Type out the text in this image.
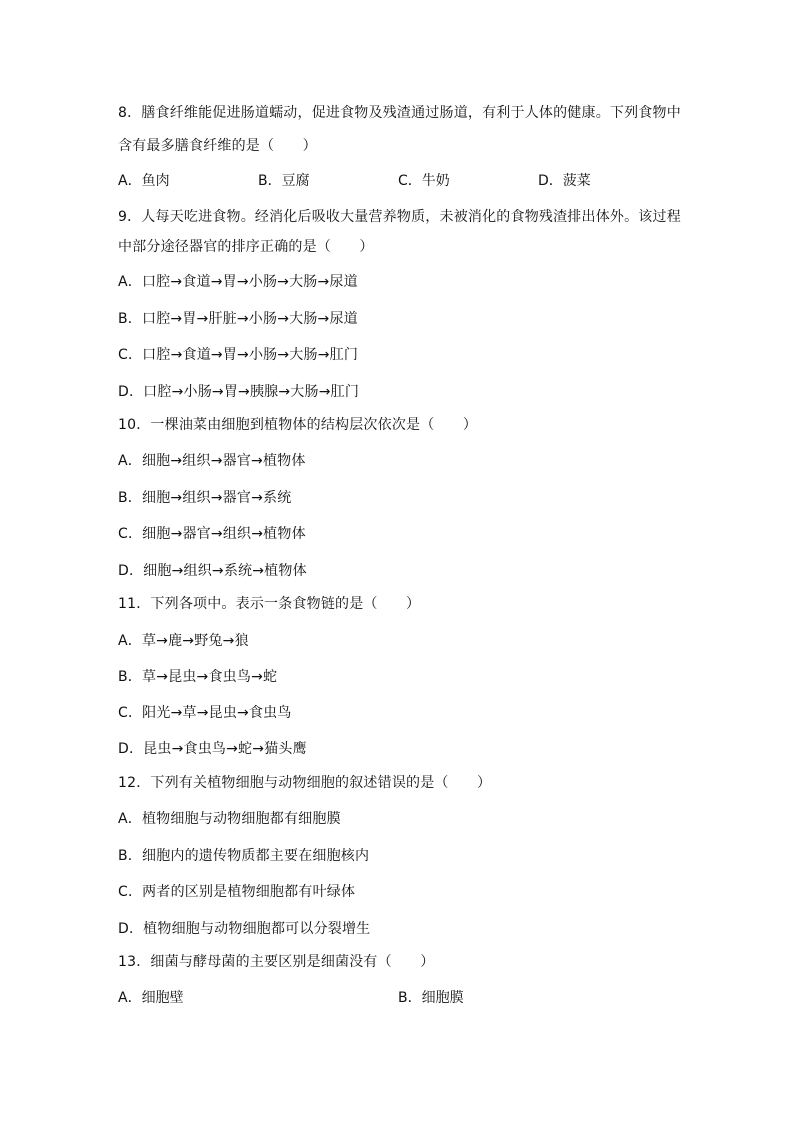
8．膳食纤维能促进肠道蠕动，促进食物及残渣通过肠道，有利于人体的健康。下列食物中
含有最多膳食纤维的是（　　）
A．鱼肉	B．豆腐	C．牛奶	D．菠菜
9．人每天吃进食物。经消化后吸收大量营养物质，未被消化的食物残渣排出体外。该过程
中部分途径器官的排序正确的是（　　）
A．口腔→食道→胃→小肠→大肠→尿道
B．口腔→胃→肝脏→小肠→大肠→尿道
C．口腔→食道→胃→小肠→大肠→肛门
D．口腔→小肠→胃→胰腺→大肠→肛门
10．一棵油菜由细胞到植物体的结构层次依次是（　　）
A．细胞→组织→器官→植物体
B．细胞→组织→器官→系统
C．细胞→器官→组织→植物体
D．细胞→组织→系统→植物体
11．下列各项中。表示一条食物链的是（　　）
A．草→鹿→野兔→狼
B．草→昆虫→食虫鸟→蛇
C．阳光→草→昆虫→食虫鸟
D．昆虫→食虫鸟→蛇→猫头鹰
12．下列有关植物细胞与动物细胞的叙述错误的是（　　）
A．植物细胞与动物细胞都有细胞膜
B．细胞内的遗传物质都主要在细胞核内
C．两者的区别是植物细胞都有叶绿体
D．植物细胞与动物细胞都可以分裂增生
13．细菌与酵母菌的主要区别是细菌没有（　　）
A．细胞壁	B．细胞膜
